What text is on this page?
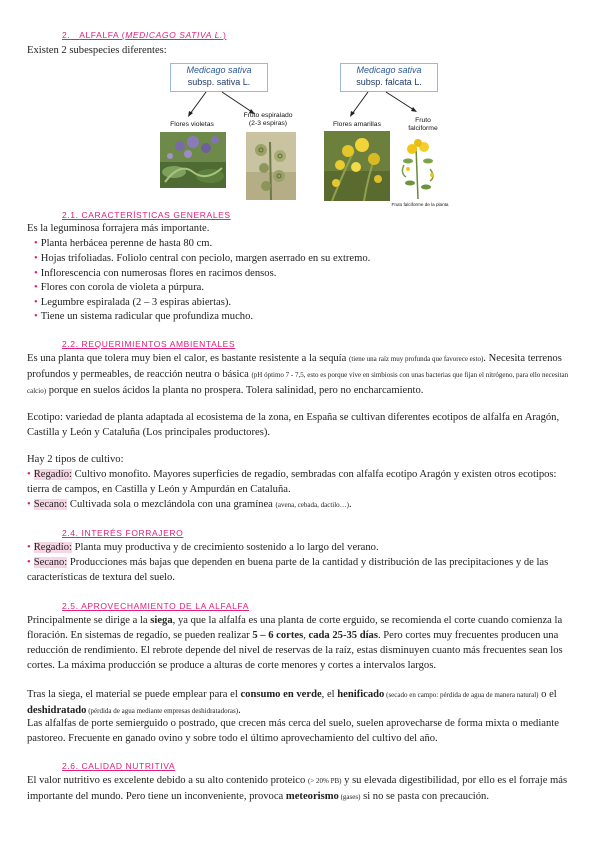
2. ALFALFA (MEDICAGO SATIVA L.)
Existen 2 subespecies diferentes:
Medicago sativa
subsp. sativa L.
Flores violetas
Fruto espiralado
(2-3 espiras)
Medicago sativa
subsp. falcata L.
Flores amarillas
Fruto
falciforme
Fruto falciforme de la planta
2.1. CARACTERÍSTICAS GENERALES
Es la leguminosa forrajera más importante.
• Planta herbácea perenne de hasta 80 cm.
• Hojas trifoliadas. Foliolo central con peciolo, margen aserrado en su extremo.
• Inflorescencia con numerosas flores en racimos densos.
• Flores con corola de violeta a púrpura.
• Legumbre espiralada (2 – 3 espiras abiertas).
• Tiene un sistema radicular que profundiza mucho.
2.2. REQUERIMIENTOS AMBIENTALES
Es una planta que tolera muy bien el calor, es bastante resistente a la sequía (tiene una raíz muy profunda que favorece esto). Necesita terrenos profundos y permeables, de reacción neutra o básica (pH óptimo 7 - 7,5, esto es porque vive en simbiosis con unas bacterias que fijan el nitrógeno, para ello necesitan calcio) porque en suelos ácidos la planta no prospera. Tolera salinidad, pero no encharcamiento.
Ecotipo: variedad de planta adaptada al ecosistema de la zona, en España se cultivan diferentes ecotipos de alfalfa en Aragón, Castilla y León y Cataluña (Los principales productores).
Hay 2 tipos de cultivo:
• Regadío: Cultivo monofito. Mayores superficies de regadío, sembradas con alfalfa ecotipo Aragón y existen otros ecotipos: tierra de campos, en Castilla y León y Ampurdán en Cataluña.
• Secano: Cultivada sola o mezclándola con una gramínea (avena, cebada, dactilo…).
2.4. INTERÉS FORRAJERO
• Regadío: Planta muy productiva y de crecimiento sostenido a lo largo del verano.
• Secano: Producciones más bajas que dependen en buena parte de la cantidad y distribución de las precipitaciones y de las características de textura del suelo.
2.5. APROVECHAMIENTO DE LA ALFALFA
Principalmente se dirige a la siega, ya que la alfalfa es una planta de corte erguido, se recomienda el corte cuando comienza la floración. En sistemas de regadío, se pueden realizar 5 – 6 cortes, cada 25-35 días. Pero cortes muy frecuentes producen una reducción de rendimiento. El rebrote depende del nivel de reservas de la raíz, estas disminuyen cuanto más frecuentes sean los cortes. La máxima producción se produce a alturas de corte menores y cortes a intervalos largos.
Tras la siega, el material se puede emplear para el consumo en verde, el henificado (secado en campo: pérdida de agua de manera natural) o el deshidratado (pérdida de agua mediante empresas deshidratadoras).
Las alfalfas de porte semierguido o postrado, que crecen más cerca del suelo, suelen aprovecharse de forma mixta o mediante pastoreo. Frecuente en ganado ovino y sobre todo el último aprovechamiento del cultivo del año.
2.6. CALIDAD NUTRITIVA
El valor nutritivo es excelente debido a su alto contenido proteico (> 20% PB) y su elevada digestibilidad, por ello es el forraje más importante del mundo. Pero tiene un inconveniente, provoca meteorismo (gases) si no se pasta con precaución.
